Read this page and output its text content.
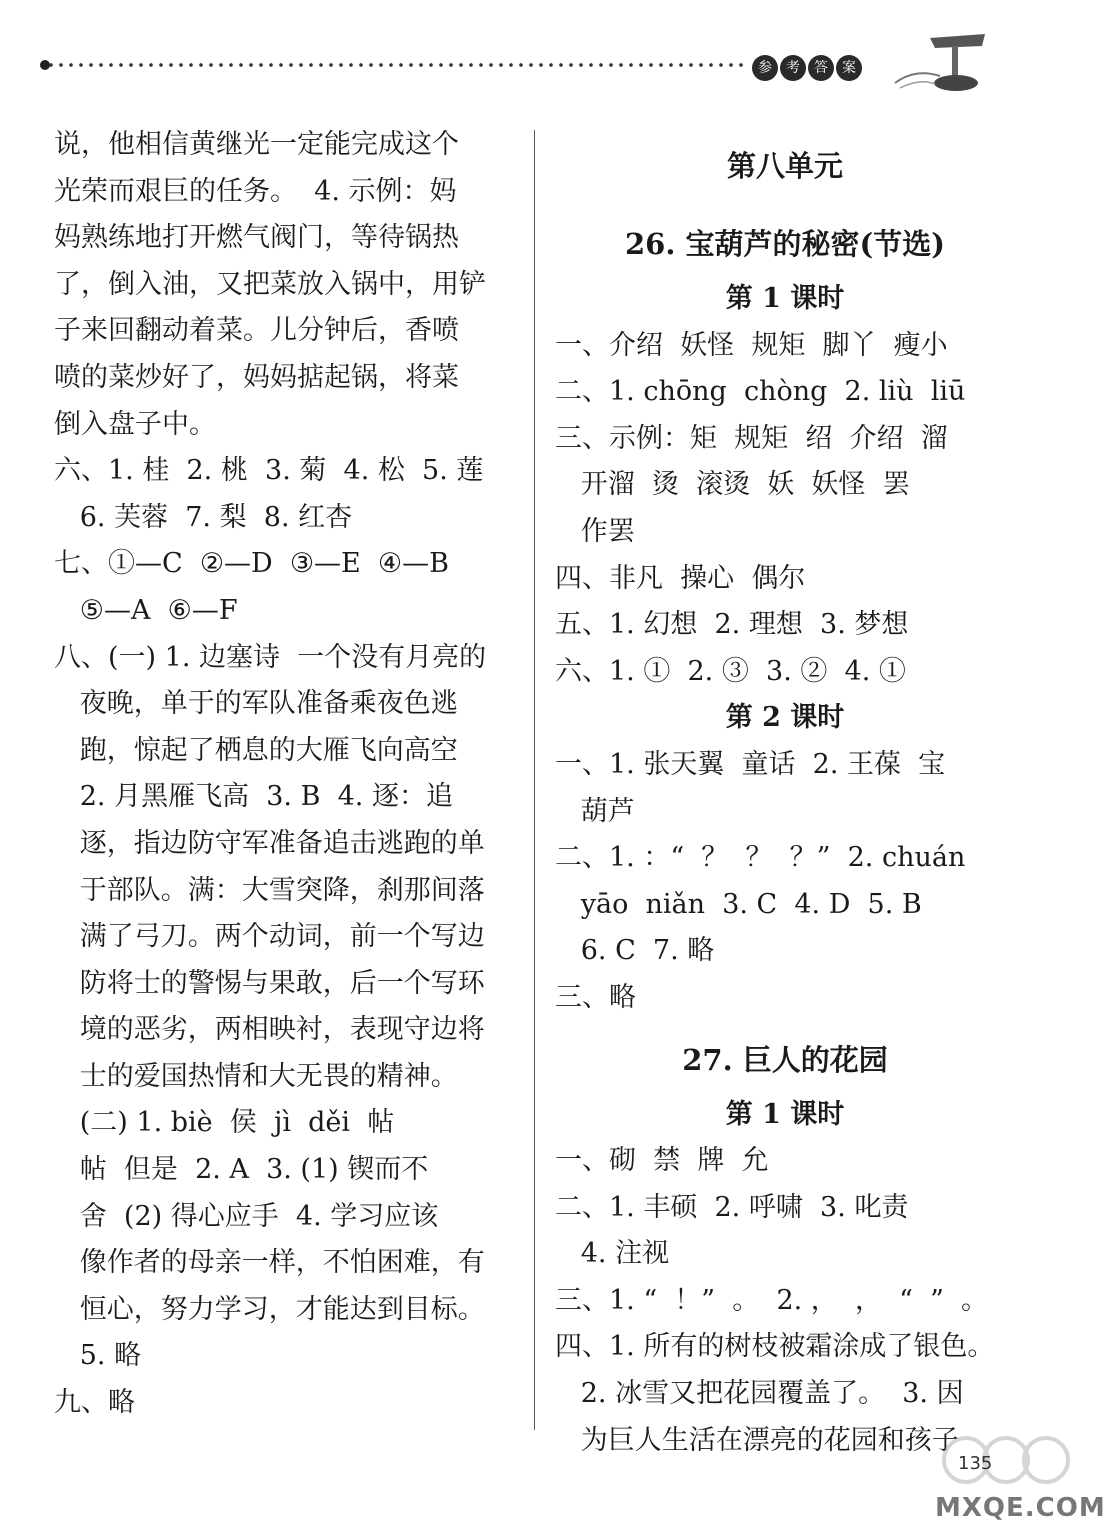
参	考	答	案
说，他相信黄继光一定能完成这个
光荣而艰巨的任务。  4. 示例：妈
妈熟练地打开燃气阀门，等待锅热
了，倒入油，又把菜放入锅中，用铲
子来回翻动着菜。儿分钟后，香喷
喷的菜炒好了，妈妈掂起锅，将菜
倒入盘子中。
六、1. 桂  2. 桃  3. 菊  4. 松  5. 莲
6. 芙蓉  7. 梨  8. 红杏
七、①—C  ②—D  ③—E  ④—B
⑤—A  ⑥—F
八、(一) 1. 边塞诗  一个没有月亮的
夜晚，单于的军队准备乘夜色逃
跑，惊起了栖息的大雁飞向高空
2. 月黑雁飞高  3. B  4. 逐：追
逐，指边防守军准备追击逃跑的单
于部队。满：大雪突降，刹那间落
满了弓刀。两个动词，前一个写边
防将士的警惕与果敢，后一个写环
境的恶劣，两相映衬，表现守边将
士的爱国热情和大无畏的精神。
(二) 1. biè  侯  jì  děi  帖
帖  但是  2. A  3. (1) 锲而不
舍  (2) 得心应手  4. 学习应该
像作者的母亲一样，不怕困难，有
恒心，努力学习，才能达到目标。
5. 略
九、略
第八单元
26. 宝葫芦的秘密(节选)
第 1 课时
一、介绍  妖怪  规矩  脚丫  瘦小
二、1. chōng  chòng  2. liù  liū
三、示例：矩  规矩  绍  介绍  溜
开溜  烫  滚烫  妖  妖怪  罢
作罢
四、非凡  操心  偶尔
五、1. 幻想  2. 理想  3. 梦想
六、1. ①  2. ③  3. ②  4. ①
第 2 课时
一、1. 张天翼  童话  2. 王葆  宝
葫芦
二、1. ：“  ？  ？  ？”  2. chuán
yāo  niǎn  3. C  4. D  5. B
6. C  7. 略
三、略
27. 巨人的花园
第 1 课时
一、砌  禁  牌  允
二、1. 丰硕  2. 呼啸  3. 叱责
4. 注视
三、1. “  ！”  。  2. ，  ，  “  ”  。
四、1. 所有的树枝被霜涂成了银色。
2. 冰雪又把花园覆盖了。  3. 因
为巨人生活在漂亮的花园和孩子
135
MXQE.COM
